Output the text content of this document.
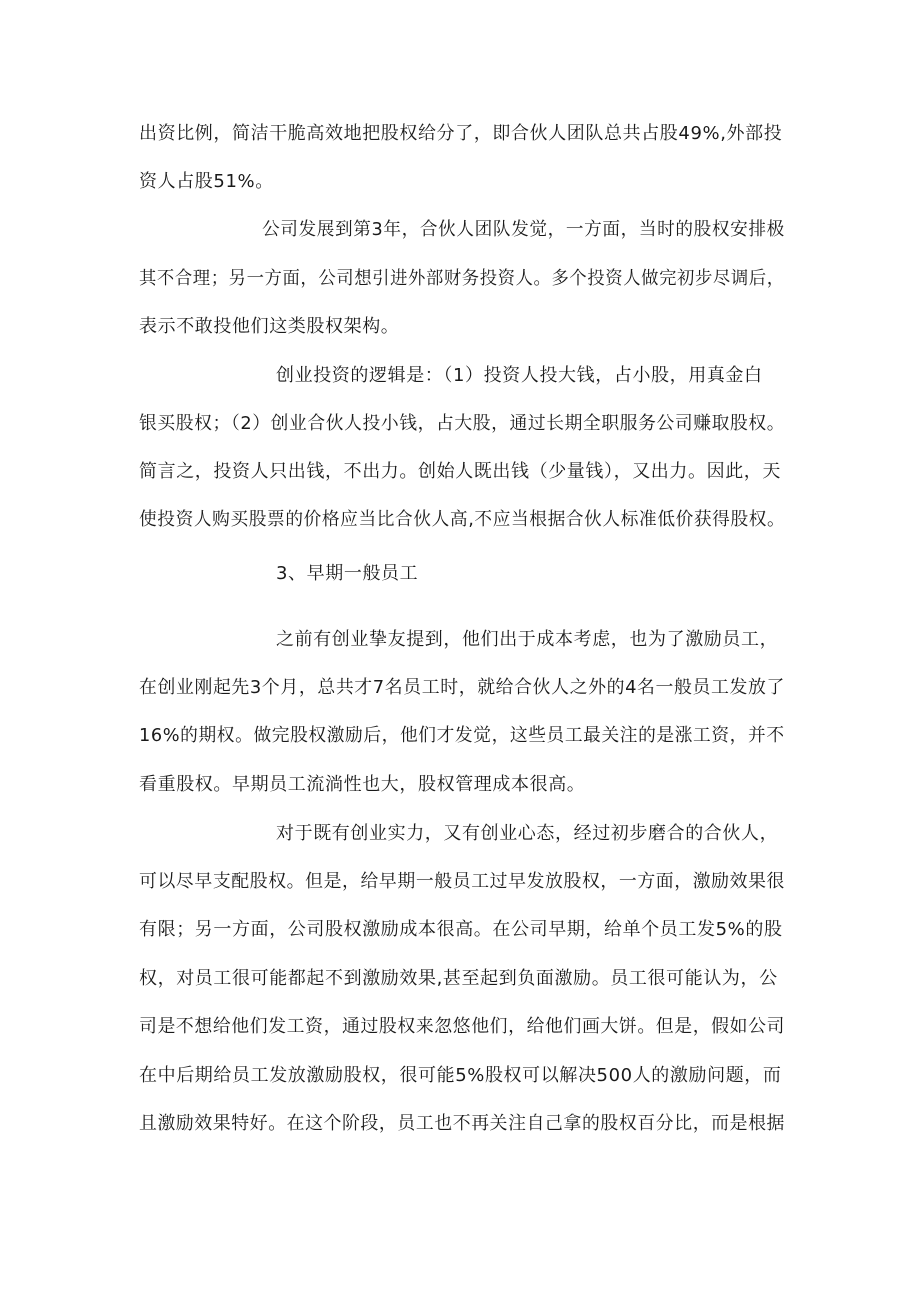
出资比例，简洁干脆高效地把股权给分了，即合伙人团队总共占股49%,外部投
资人占股51%。
公司发展到第3年，合伙人团队发觉，一方面，当时的股权安排极
其不合理；另一方面，公司想引进外部财务投资人。多个投资人做完初步尽调后，
表示不敢投他们这类股权架构。
创业投资的逻辑是：（1）投资人投大钱，占小股，用真金白
银买股权；（2）创业合伙人投小钱，占大股，通过长期全职服务公司赚取股权。
简言之，投资人只出钱，不出力。创始人既出钱（少量钱），又出力。因此，天
使投资人购买股票的价格应当比合伙人高,不应当根据合伙人标准低价获得股权。
3、早期一般员工
之前有创业挚友提到，他们出于成本考虑，也为了激励员工，
在创业刚起先3个月，总共才7名员工时，就给合伙人之外的4名一般员工发放了
16%的期权。做完股权激励后，他们才发觉，这些员工最关注的是涨工资，并不
看重股权。早期员工流淌性也大，股权管理成本很高。
对于既有创业实力，又有创业心态，经过初步磨合的合伙人，
可以尽早支配股权。但是，给早期一般员工过早发放股权，一方面，激励效果很
有限；另一方面，公司股权激励成本很高。在公司早期，给单个员工发5%的股
权，对员工很可能都起不到激励效果,甚至起到负面激励。员工很可能认为，公
司是不想给他们发工资，通过股权来忽悠他们，给他们画大饼。但是，假如公司
在中后期给员工发放激励股权，很可能5%股权可以解决500人的激励问题，而
且激励效果特好。在这个阶段，员工也不再关注自己拿的股权百分比，而是根据
